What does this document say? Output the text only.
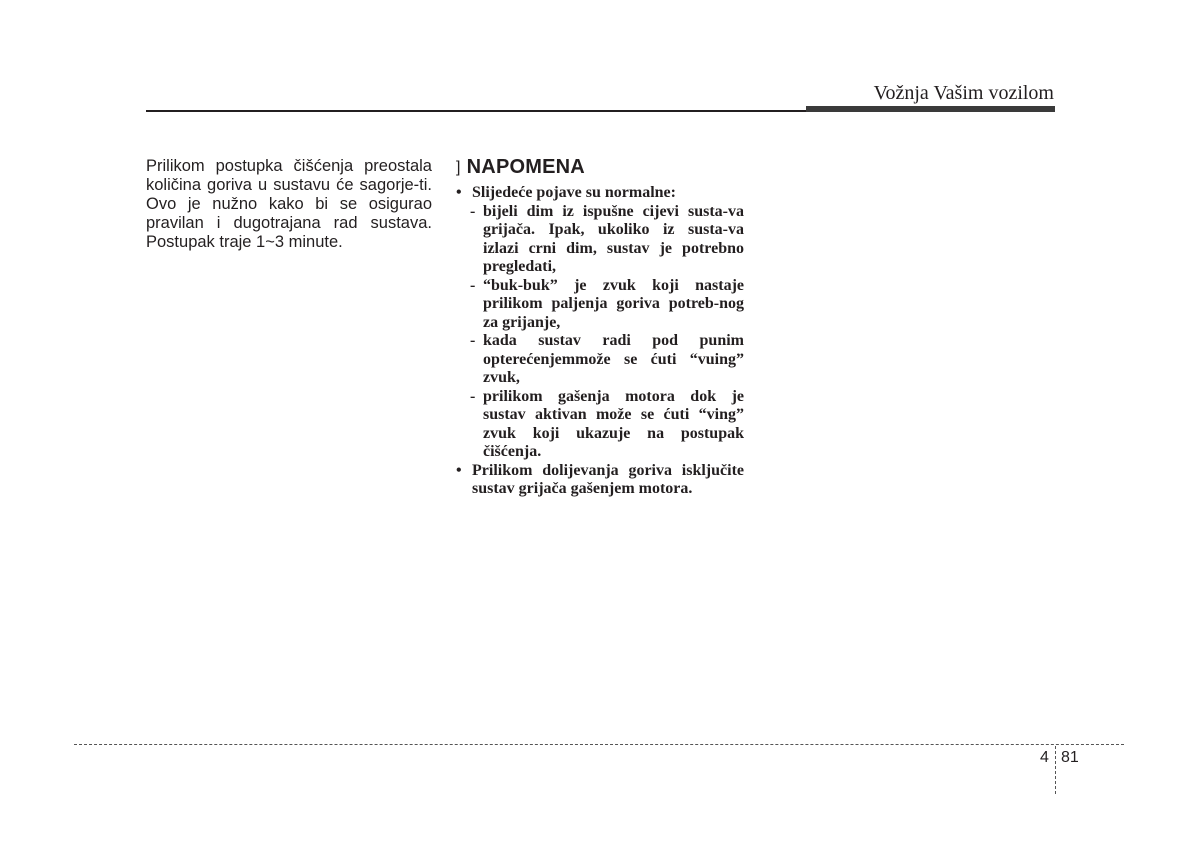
Vožnja Vašim vozilom

Prilikom postupka čišćenja preostala količina goriva u sustavu će sagorje-ti. Ovo je nužno kako bi se osigurao pravilan i dugotrajana rad sustava. Postupak traje 1~3 minute.

] NAPOMENA
• Slijedeće pojave su normalne:
- bijeli dim iz ispušne cijevi susta-va grijača. Ipak, ukoliko iz susta-va izlazi crni dim, sustav je potrebno pregledati,
- “buk-buk” je zvuk koji nastaje prilikom paljenja goriva potreb-nog za grijanje,
- kada sustav radi pod punim opterećenjemmože se ćuti “vuing” zvuk,
- prilikom gašenja motora dok je sustav aktivan može se ćuti “ving” zvuk koji ukazuje na postupak čišćenja.
• Prilikom dolijevanja goriva isključite sustav grijača gašenjem motora.
4 81
